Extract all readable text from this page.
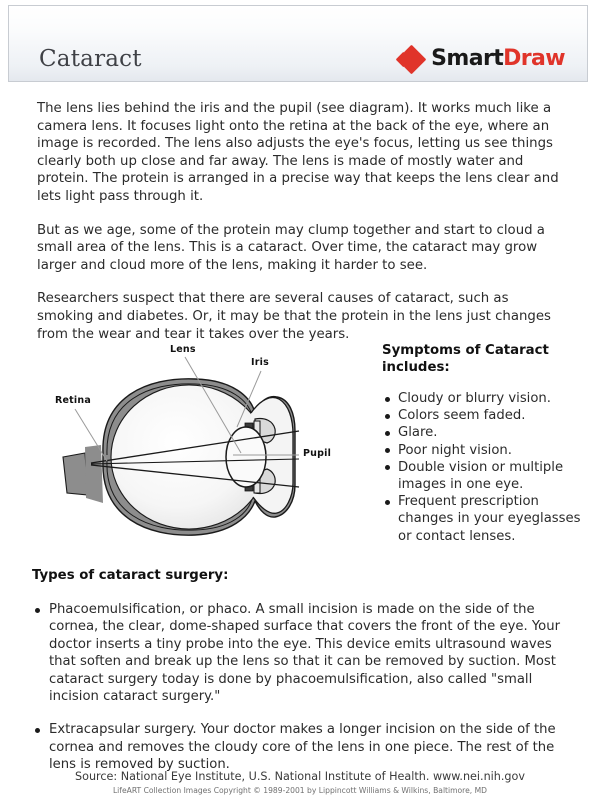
Cataract	SmartDraw

The lens lies behind the iris and the pupil (see diagram). It works much like a camera lens. It focuses light onto the retina at the back of the eye, where an image is recorded. The lens also adjusts the eye's focus, letting us see things clearly both up close and far away. The lens is made of mostly water and protein. The protein is arranged in a precise way that keeps the lens clear and lets light pass through it.

But as we age, some of the protein may clump together and start to cloud a small area of the lens. This is a cataract. Over time, the cataract may grow larger and cloud more of the lens, making it harder to see.

Researchers suspect that there are several causes of cataract, such as smoking and diabetes. Or, it may be that the protein in the lens just changes from the wear and tear it takes over the years.

Lens
Iris
Retina
Pupil
Symptoms of Cataract includes:
Cloudy or blurry vision.
Colors seem faded.
Glare.
Poor night vision.
Double vision or multiple images in one eye.
Frequent prescription changes in your eyeglasses or contact lenses.
Types of cataract surgery:
Phacoemulsification, or phaco. A small incision is made on the side of the cornea, the clear, dome-shaped surface that covers the front of the eye. Your doctor inserts a tiny probe into the eye. This device emits ultrasound waves that soften and break up the lens so that it can be removed by suction. Most cataract surgery today is done by phacoemulsification, also called "small incision cataract surgery."
Extracapsular surgery. Your doctor makes a longer incision on the side of the cornea and removes the cloudy core of the lens in one piece. The rest of the lens is removed by suction.
Source: National Eye Institute, U.S. National Institute of Health. www.nei.nih.gov
LifeART Collection Images Copyright © 1989-2001 by Lippincott Williams & Wilkins, Baltimore, MD
